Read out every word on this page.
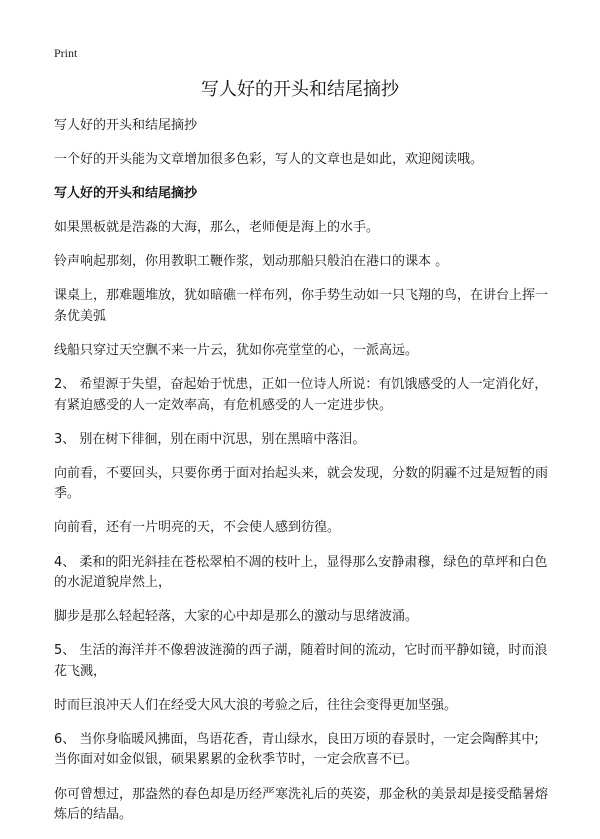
Print
写人好的开头和结尾摘抄

写人好的开头和结尾摘抄

一个好的开头能为文章增加很多色彩，写人的文章也是如此，欢迎阅读哦。

写人好的开头和结尾摘抄

如果黑板就是浩淼的大海，那么，老师便是海上的水手。

铃声响起那刻，你用教职工鞭作浆，划动那船只般泊在港口的课本 。

课桌上，那难题堆放，犹如暗礁一样布列，你手势生动如一只飞翔的鸟，在讲台上挥一条优美弧

线船只穿过天空飘不来一片云，犹如你亮堂堂的心，一派高远。

2、 希望源于失望，奋起始于忧患，正如一位诗人所说：有饥饿感受的人一定消化好，有紧迫感受的人一定效率高，有危机感受的人一定进步快。

3、 别在树下徘徊，别在雨中沉思，别在黑暗中落泪。

向前看，不要回头，只要你勇于面对抬起头来，就会发现，分数的阴霾不过是短暂的雨季。

向前看，还有一片明亮的天，不会使人感到彷徨。

4、 柔和的阳光斜挂在苍松翠柏不凋的枝叶上，显得那么安静肃穆，绿色的草坪和白色的水泥道貌岸然上，

脚步是那么轻起轻落，大家的心中却是那么的激动与思绪波涌。

5、 生活的海洋并不像碧波涟漪的西子湖，随着时间的流动，它时而平静如镜，时而浪花飞溅，

时而巨浪冲天人们在经受大风大浪的考验之后，往往会变得更加坚强。

6、 当你身临暖风拂面，鸟语花香，青山绿水，良田万顷的春景时，一定会陶醉其中;当你面对如金似银，硕果累累的金秋季节时，一定会欣喜不已。

你可曾想过，那盎然的春色却是历经严寒洗礼后的英姿，那金秋的美景却是接受酷暑熔炼后的结晶。
